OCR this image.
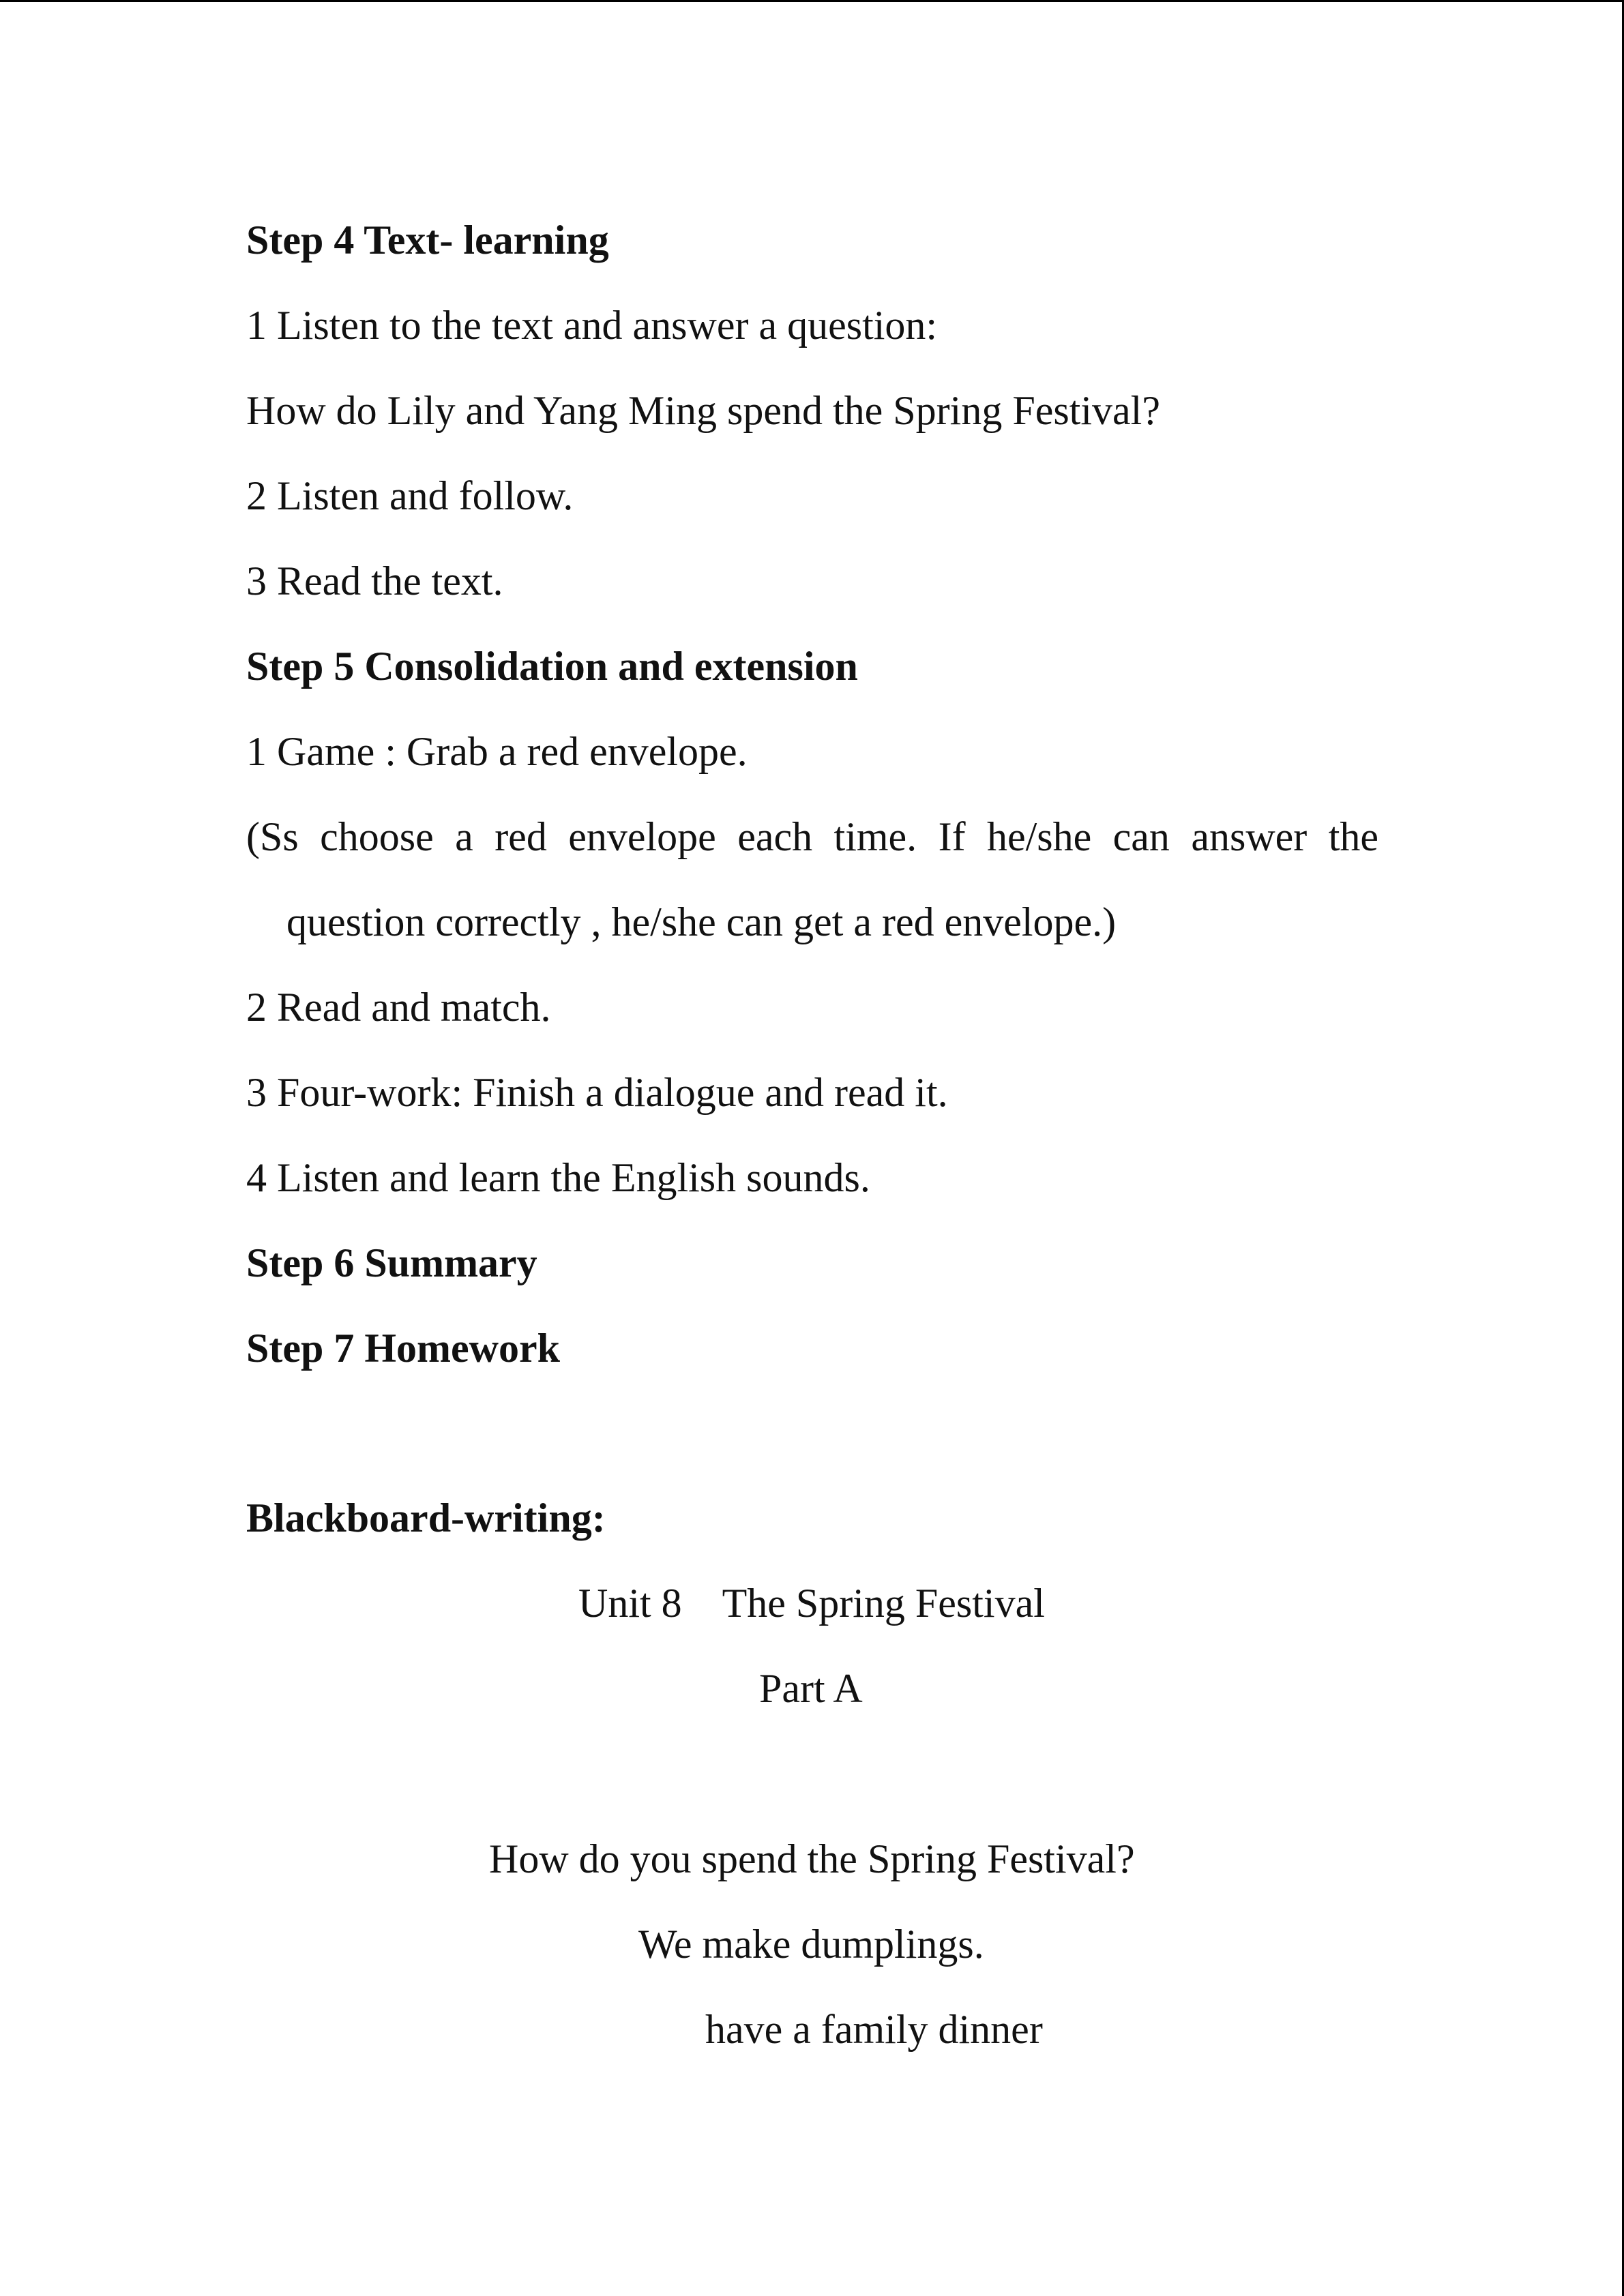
Step 4 Text- learning

1 Listen to the text and answer a question:

How do Lily and Yang Ming spend the Spring Festival?

2 Listen and follow.

3 Read the text.

Step 5 Consolidation and extension

1 Game : Grab a red envelope.

(Ss choose a red envelope each time. If he/she can answer the

question correctly , he/she can get a red envelope.)

2 Read and match.

3 Four-work: Finish a dialogue and read it.

4 Listen and learn the English sounds.

Step 6 Summary

Step 7 Homework

Blackboard-writing:

Unit 8    The Spring Festival

Part A

How do you spend the Spring Festival?

We make dumplings.

have a family dinner
